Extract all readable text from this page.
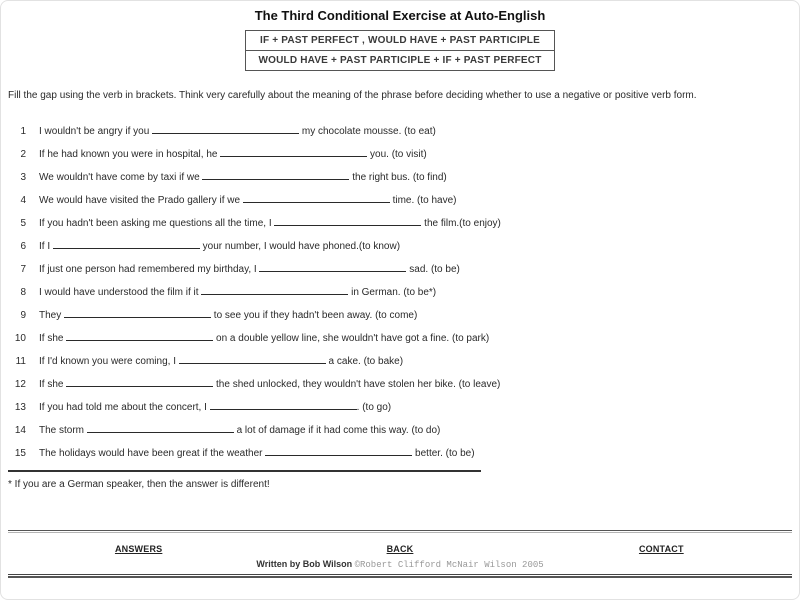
The Third Conditional Exercise at Auto-English
IF + PAST PERFECT , WOULD HAVE + PAST PARTICIPLE
WOULD HAVE + PAST PARTICIPLE + IF + PAST PERFECT
Fill the gap using the verb in brackets. Think very carefully about the meaning of the phrase before deciding whether to use a negative or positive verb form.
1 I wouldn't be angry if you	my chocolate mousse. (to eat)
2 If he had known you were in hospital, he	you. (to visit)
3 We wouldn't have come by taxi if we	the right bus. (to find)
4 We would have visited the Prado gallery if we	time. (to have)
5 If you hadn't been asking me questions all the time, I	the film.(to enjoy)
6 If I	your number, I would have phoned.(to know)
7 If just one person had remembered my birthday, I	sad. (to be)
8 I would have understood the film if it	in German. (to be*)
9 They	to see you if they hadn't been away. (to come)
10 If she	on a double yellow line, she wouldn't have got a fine. (to park)
11 If I'd known you were coming, I	a cake. (to bake)
12 If she	the shed unlocked, they wouldn't have stolen her bike. (to leave)
13 If you had told me about the concert, I	. (to go)
14 The storm	a lot of damage if it had come this way. (to do)
15 The holidays would have been great if the weather	better. (to be)
* If you are a German speaker, then the answer is different!
ANSWERS	BACK	CONTACT
Written by Bob Wilson ©Robert Clifford McNair Wilson 2005
